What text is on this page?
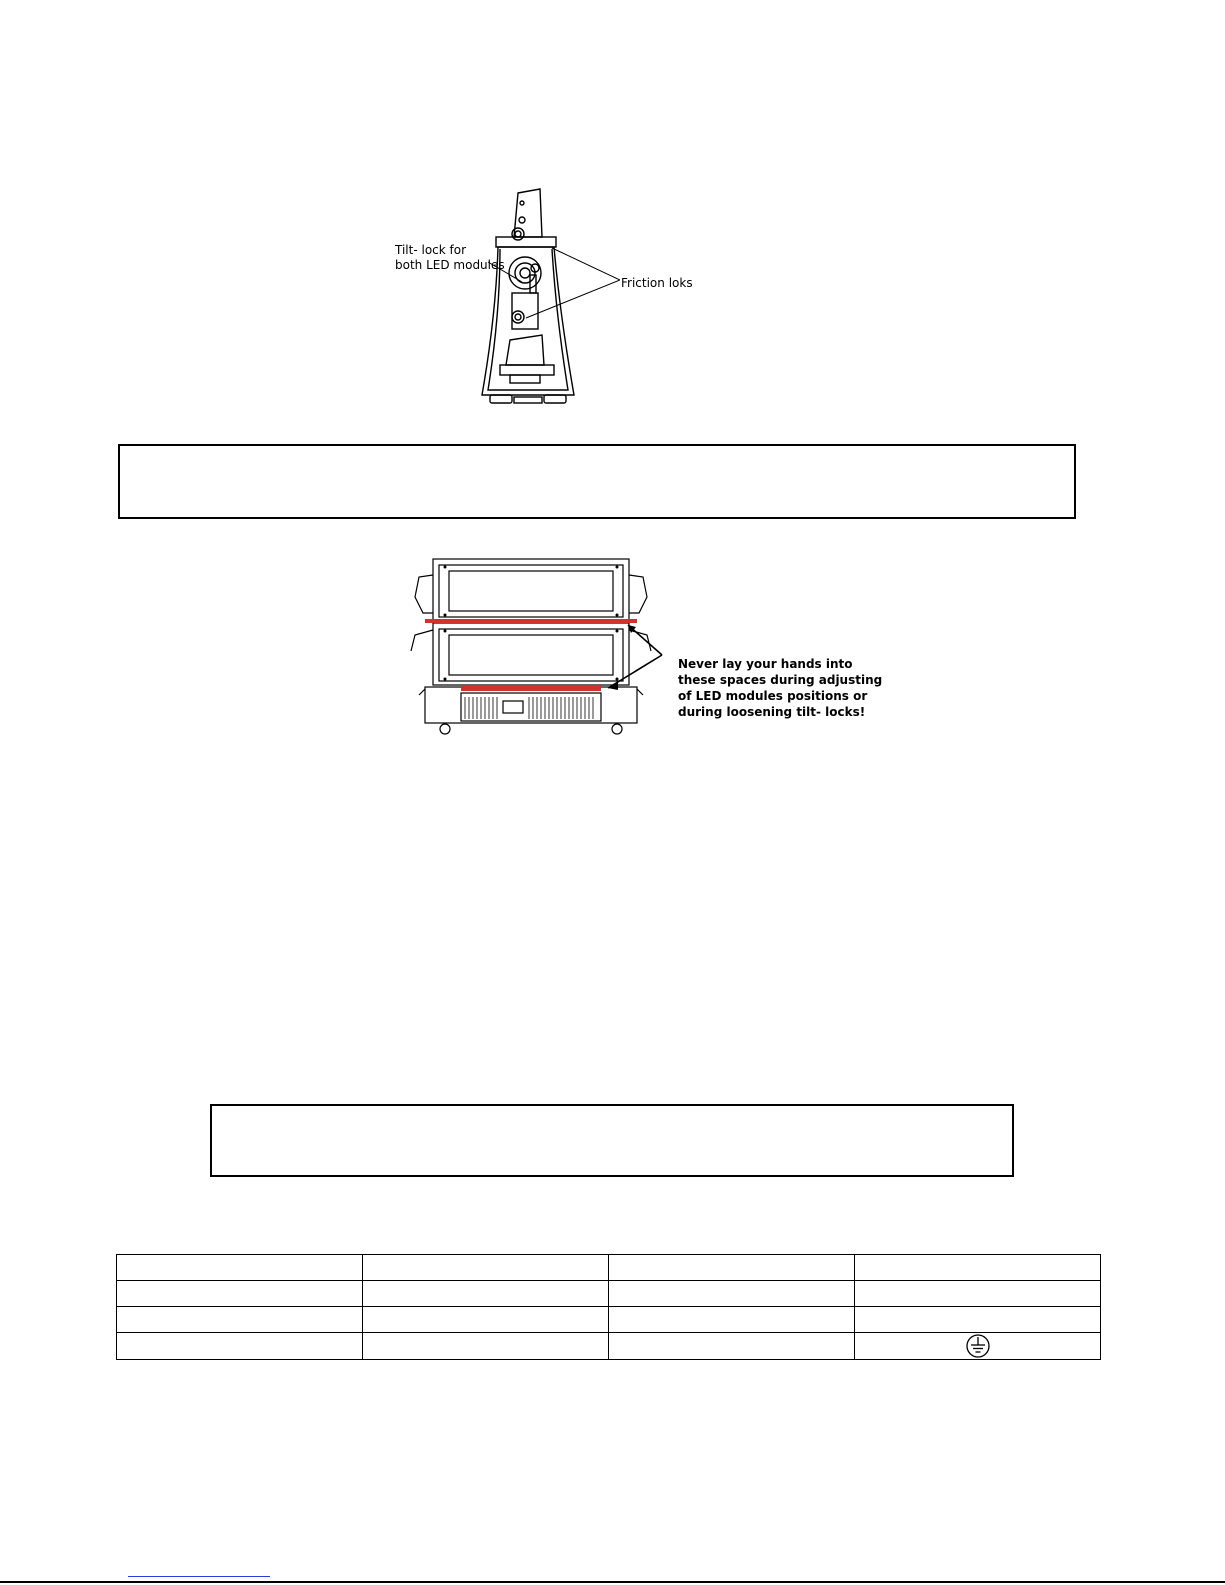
Tilt- lock for
both LED modules
Friction loks
Never lay your hands into
these spaces during adjusting
of LED modules positions or
during loosening tilt- locks!
